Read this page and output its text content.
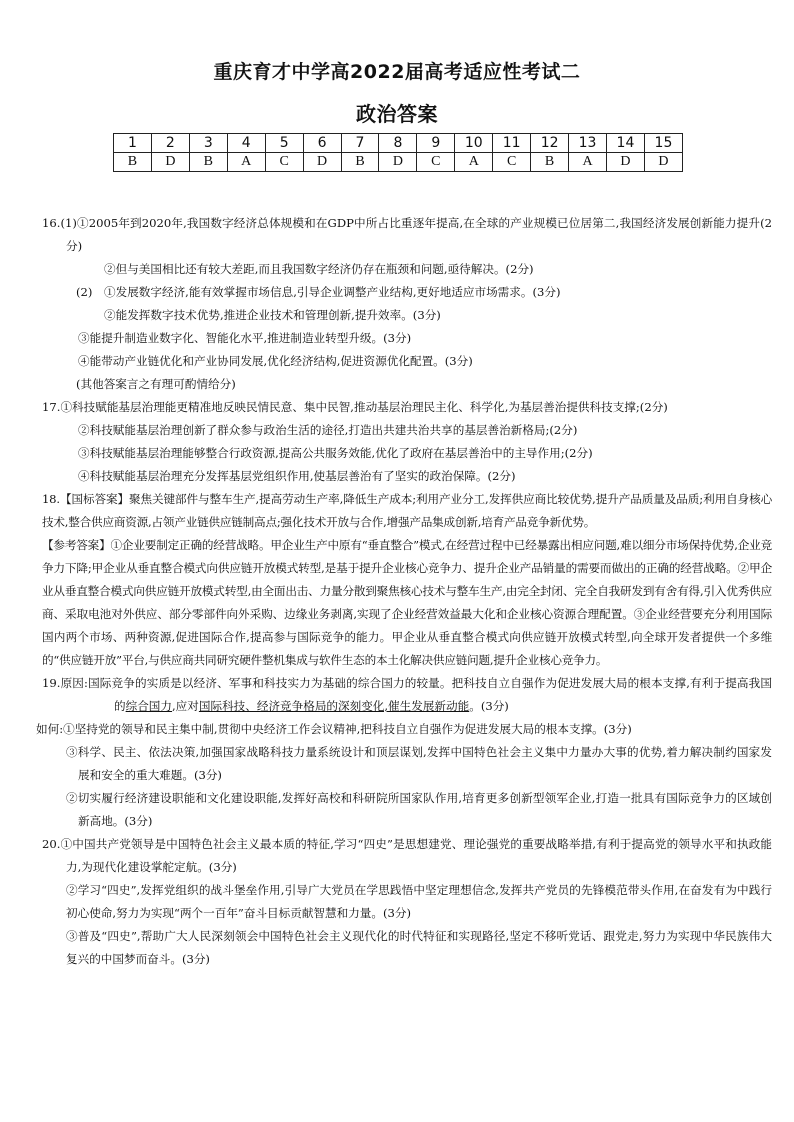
重庆育才中学高2022届高考适应性考试二
政治答案
1	2	3	4	5	6	7	8	9	10	11	12	13	14	15
B	D	B	A	C	D	B	D	C	A	C	B	A	D	D

16.(1)①2005年到2020年,我国数字经济总体规模和在GDP中所占比重逐年提高,在全球的产业规模已位居第二,我国经济发展创新能力提升(2分)

②但与美国相比还有较大差距,而且我国数字经济仍存在瓶颈和问题,亟待解决。(2分)

(2)　①发展数字经济,能有效掌握市场信息,引导企业调整产业结构,更好地适应市场需求。(3分)

②能发挥数字技术优势,推进企业技术和管理创新,提升效率。(3分)

③能提升制造业数字化、智能化水平,推进制造业转型升级。(3分)

④能带动产业链优化和产业协同发展,优化经济结构,促进资源优化配置。(3分)

(其他答案言之有理可酌情给分)

17.①科技赋能基层治理能更精准地反映民情民意、集中民智,推动基层治理民主化、科学化,为基层善治提供科技支撑;(2分)

②科技赋能基层治理创新了群众参与政治生活的途径,打造出共建共治共享的基层善治新格局;(2分)

③科技赋能基层治理能够整合行政资源,提高公共服务效能,优化了政府在基层善治中的主导作用;(2分)

④科技赋能基层治理充分发挥基层党组织作用,使基层善治有了坚实的政治保障。(2分)

18.【国标答案】聚焦关键部件与整车生产,提高劳动生产率,降低生产成本;利用产业分工,发挥供应商比较优势,提升产品质量及品质;利用自身核心技术,整合供应商资源,占领产业链供应链制高点;强化技术开放与合作,增强产品集成创新,培育产品竞争新优势。

【参考答案】①企业要制定正确的经营战略。甲企业生产中原有“垂直整合”模式,在经营过程中已经暴露出相应问题,难以细分市场保持优势,企业竞争力下降;甲企业从垂直整合模式向供应链开放模式转型,是基于提升企业核心竞争力、提升企业产品销量的需要而做出的正确的经营战略。②甲企业从垂直整合模式向供应链开放模式转型,由全面出击、力量分散到聚焦核心技术与整车生产,由完全封闭、完全自我研发到有舍有得,引入优秀供应商、采取电池对外供应、部分零部件向外采购、边缘业务剥离,实现了企业经营效益最大化和企业核心资源合理配置。③企业经营要充分利用国际国内两个市场、两种资源,促进国际合作,提高参与国际竞争的能力。甲企业从垂直整合模式向供应链开放模式转型,向全球开发者提供一个多维的“供应链开放”平台,与供应商共同研究硬件整机集成与软件生态的本土化解决供应链问题,提升企业核心竞争力。

19.原因:国际竞争的实质是以经济、军事和科技实力为基础的综合国力的较量。把科技自立自强作为促进发展大局的根本支撑,有利于提高我国的综合国力,应对国际科技、经济竞争格局的深刻变化,催生发展新动能。(3分)

如何:①坚持党的领导和民主集中制,贯彻中央经济工作会议精神,把科技自立自强作为促进发展大局的根本支撑。(3分)

③科学、民主、依法决策,加强国家战略科技力量系统设计和顶层谋划,发挥中国特色社会主义集中力量办大事的优势,着力解决制约国家发展和安全的重大难题。(3分)

②切实履行经济建设职能和文化建设职能,发挥好高校和科研院所国家队作用,培育更多创新型领军企业,打造一批具有国际竞争力的区域创新高地。(3分)

20.①中国共产党领导是中国特色社会主义最本质的特征,学习“四史”是思想建党、理论强党的重要战略举措,有利于提高党的领导水平和执政能力,为现代化建设掌舵定航。(3分)

②学习“四史”,发挥党组织的战斗堡垒作用,引导广大党员在学思践悟中坚定理想信念,发挥共产党员的先锋模范带头作用,在奋发有为中践行初心使命,努力为实现“两个一百年”奋斗目标贡献智慧和力量。(3分)

③普及“四史”,帮助广大人民深刻领会中国特色社会主义现代化的时代特征和实现路径,坚定不移听党话、跟党走,努力为实现中华民族伟大复兴的中国梦而奋斗。(3分)
